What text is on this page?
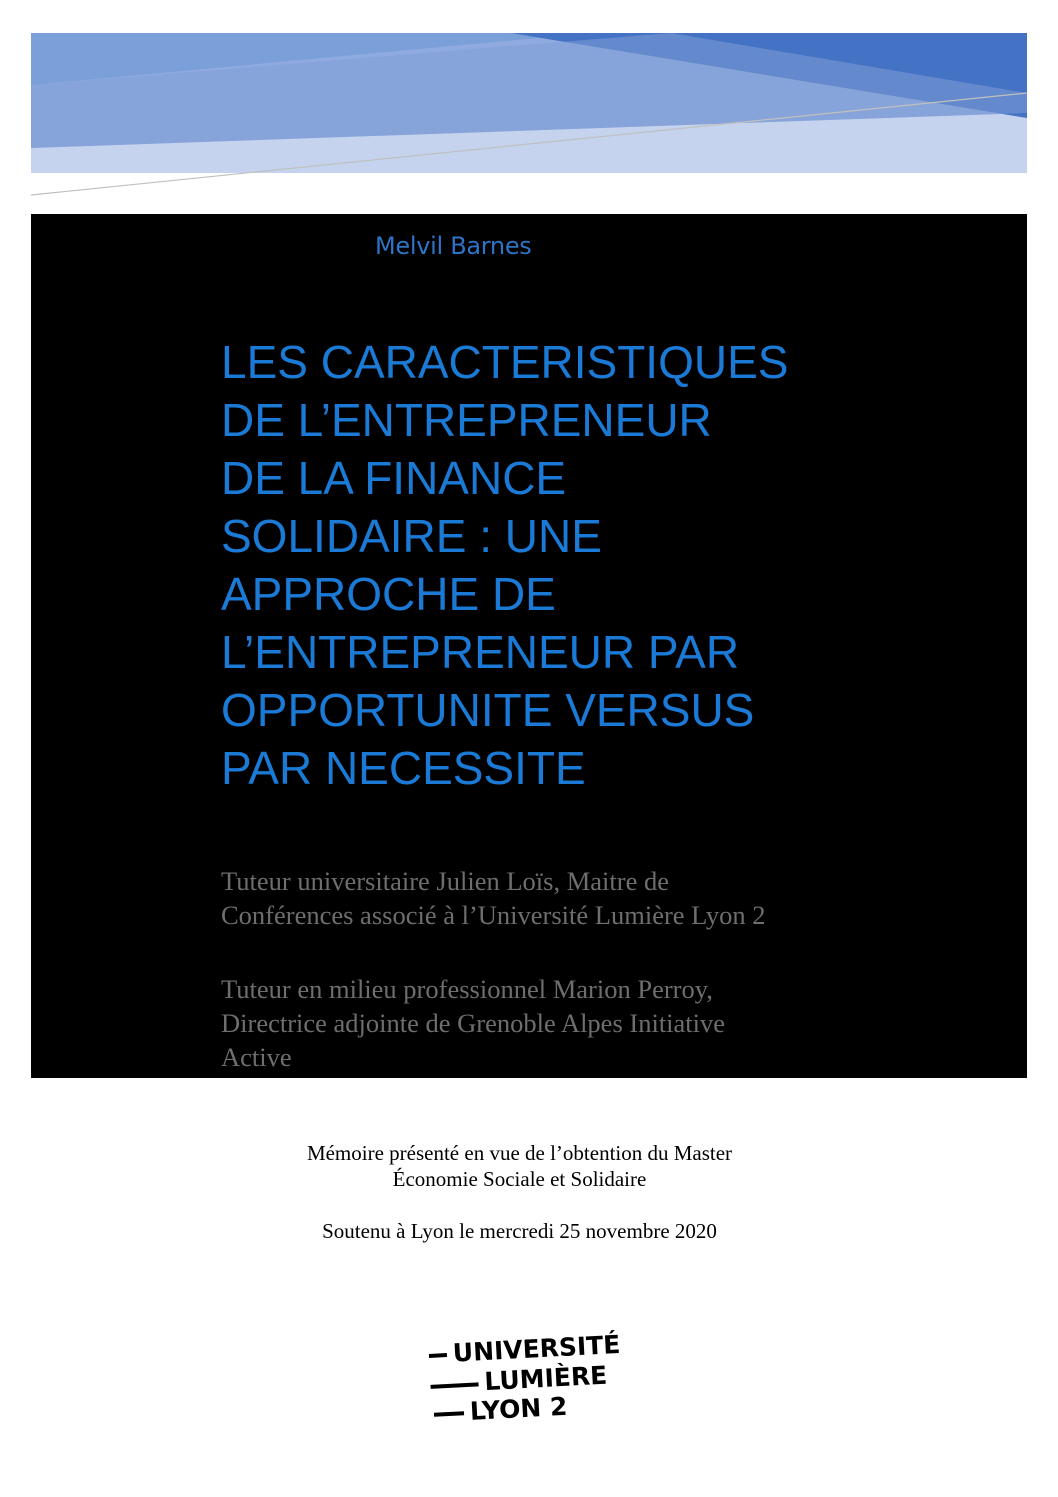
Melvil Barnes
LES CARACTERISTIQUES
DE L’ENTREPRENEUR
DE LA FINANCE
SOLIDAIRE : UNE
APPROCHE DE
L’ENTREPRENEUR PAR
OPPORTUNITE VERSUS
PAR NECESSITE
Tuteur universitaire Julien Loïs, Maitre de
Conférences associé à l’Université Lumière Lyon 2
Tuteur en milieu professionnel Marion Perroy,
Directrice adjointe de Grenoble Alpes Initiative
Active
Mémoire présenté en vue de l’obtention du Master
Économie Sociale et Solidaire
Soutenu à Lyon le mercredi 25 novembre 2020
UNIVERSITÉ
LUMIÈRE
LYON 2
